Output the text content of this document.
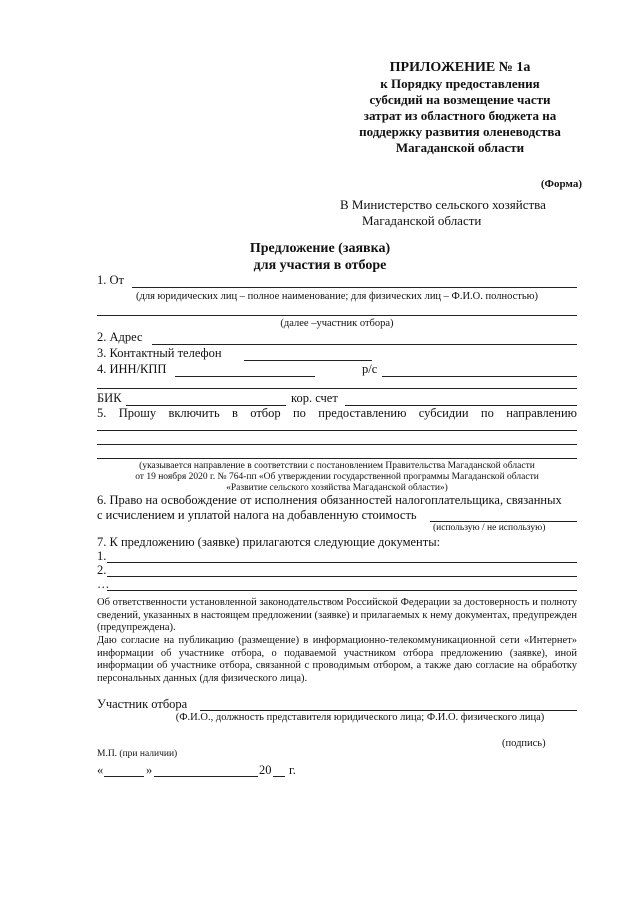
ПРИЛОЖЕНИЕ № 1а
к Порядку предоставления
субсидий на возмещение части
затрат из областного бюджета на
поддержку развития оленеводства
Магаданской области
(Форма)
В Министерство сельского хозяйства
Магаданской области
Предложение (заявка)
для участия в отборе
1. От
(для юридических лиц – полное наименование; для физических лиц – Ф.И.О. полностью)
(далее –участник отбора)
2. Адрес
3. Контактный телефон
4. ИНН/КПП	р/с
БИК	кор. счет
5. Прошу включить в отбор по предоставлению субсидии по направлению
(указывается направление в соответствии с постановлением Правительства Магаданской области
от 19 ноября 2020 г. № 764-пп «Об утверждении государственной программы Магаданской области
«Развитие сельского хозяйства Магаданской области»)
6. Право на освобождение от исполнения обязанностей налогоплательщика, связанных
с исчислением и уплатой налога на добавленную стоимость
(использую / не использую)
7. К предложению (заявке) прилагаются следующие документы:
1.
2.
…
Об ответственности установленной законодательством Российской Федерации за достоверность и полноту сведений, указанных в настоящем предложении (заявке) и прилагаемых к нему документах, предупрежден (предупреждена).
Даю согласие на публикацию (размещение) в информационно-телекоммуникационной сети «Интернет» информации об участнике отбора, о подаваемой участником отбора предложению (заявке), иной информации об участнике отбора, связанной с проводимым отбором, а также даю согласие на обработку персональных данных (для физического лица).
Участник отбора
(Ф.И.О., должность представителя юридического лица; Ф.И.О. физического лица)
(подпись)
М.П. (при наличии)
«	»	20 г.
